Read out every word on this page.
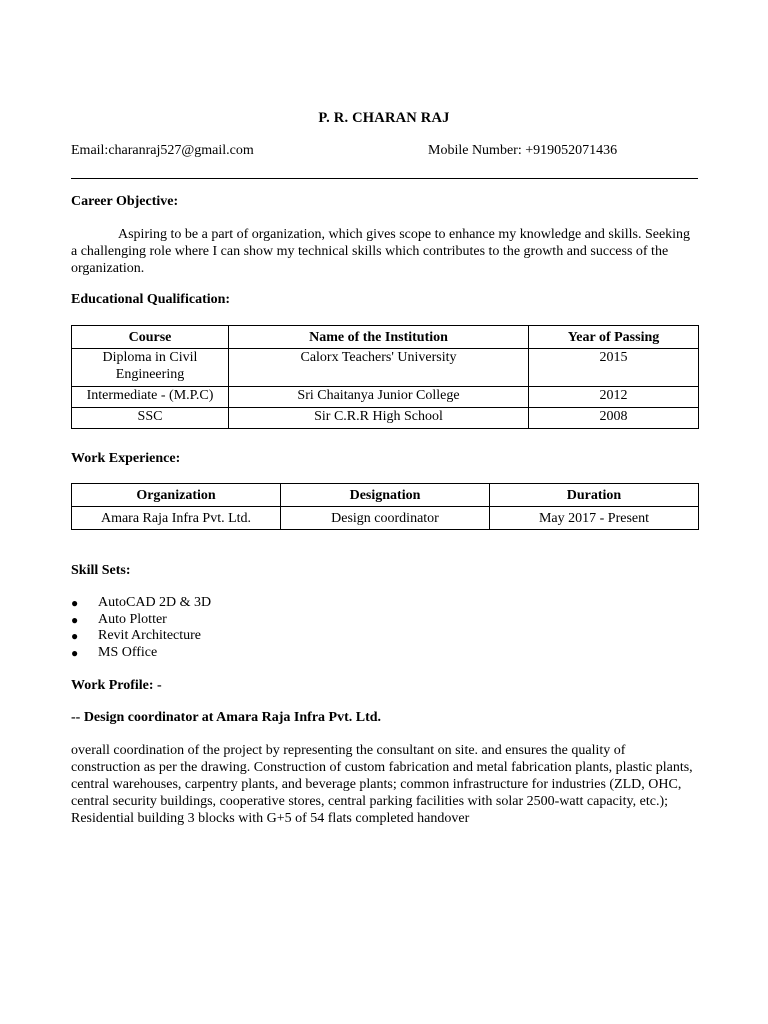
P. R. CHARAN RAJ
Email:charanraj527@gmail.com	Mobile Number: +919052071436
Career Objective:
Aspiring to be a part of organization, which gives scope to enhance my knowledge and skills. Seeking a challenging role where I can show my technical skills which contributes to the growth and success of the organization.
Educational Qualification:
Course	Name of the Institution	Year of Passing
Diploma in Civil Engineering	Calorx Teachers' University	2015
Intermediate - (M.P.C)	Sri Chaitanya Junior College	2012
SSC	Sir C.R.R High School	2008
Work Experience:
Organization	Designation	Duration
Amara Raja Infra Pvt. Ltd.	Design coordinator	May 2017 - Present
Skill Sets:
● AutoCAD 2D & 3D
● Auto Plotter
● Revit Architecture
● MS Office
Work Profile: -
-- Design coordinator at Amara Raja Infra Pvt. Ltd.
overall coordination of the project by representing the consultant on site. and ensures the quality of construction as per the drawing. Construction of custom fabrication and metal fabrication plants, plastic plants, central warehouses, carpentry plants, and beverage plants; common infrastructure for industries (ZLD, OHC, central security buildings, cooperative stores, central parking facilities with solar 2500-watt capacity, etc.); Residential building 3 blocks with G+5 of 54 flats completed handover
